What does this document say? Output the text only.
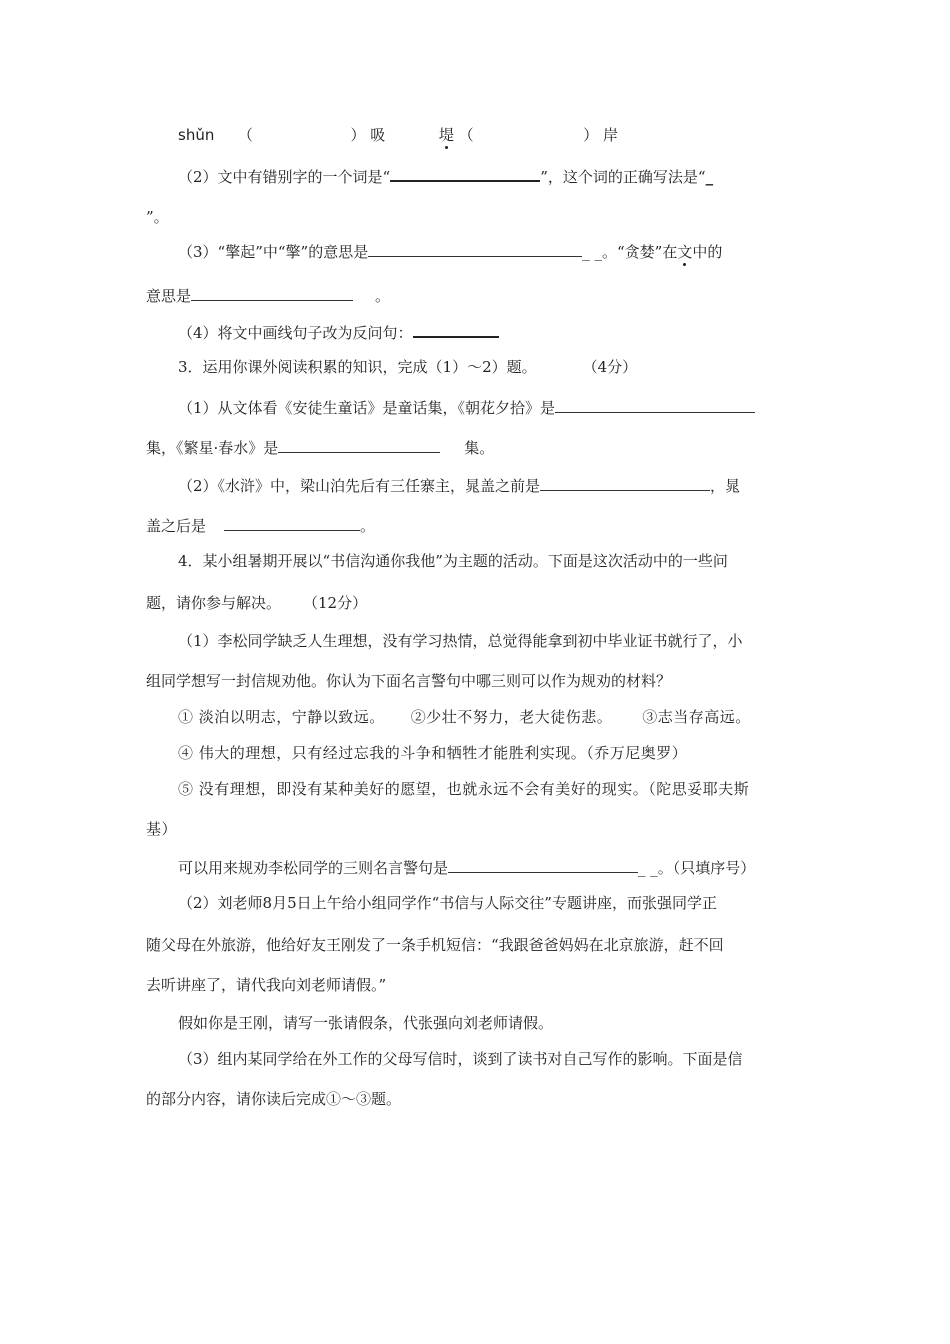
shǔn （	） 吸	堤 （	） 岸
（2）文中有错别字的一个词是“	”，这个词的正确写法是“_
”。
（3）“擎起”中“擎”的意思是	_ _。“贪婪”在文中的
意思是	。
（4）将文中画线句子改为反问句：
3．运用你课外阅读积累的知识，完成（1）～2）题。	（4分）
（1）从文体看《安徒生童话》是童话集，《朝花夕拾》是
集，《繁星·春水》是	集。
（2）《水浒》中，梁山泊先后有三任寨主，晁盖之前是	，晁
盖之后是	。
4．某小组暑期开展以“书信沟通你我他”为主题的活动。下面是这次活动中的一些问
题，请你参与解决。 （12分）
（1）李松同学缺乏人生理想，没有学习热情，总觉得能拿到初中毕业证书就行了，小
组同学想写一封信规劝他。你认为下面名言警句中哪三则可以作为规劝的材料？
① 淡泊以明志，宁静以致远。 ②少壮不努力，老大徒伤悲。 ③志当存高远。
④ 伟大的理想，只有经过忘我的斗争和牺牲才能胜利实现。（乔万尼奥罗）
⑤ 没有理想，即没有某种美好的愿望，也就永远不会有美好的现实。（陀思妥耶夫斯
基）
可以用来规劝李松同学的三则名言警句是	_ _。（只填序号）
（2）刘老师8月5日上午给小组同学作“书信与人际交往”专题讲座，而张强同学正
随父母在外旅游，他给好友王刚发了一条手机短信：“我跟爸爸妈妈在北京旅游，赶不回
去听讲座了，请代我向刘老师请假。”
假如你是王刚，请写一张请假条，代张强向刘老师请假。
（3）组内某同学给在外工作的父母写信时，谈到了读书对自己写作的影响。下面是信
的部分内容，请你读后完成①～③题。
